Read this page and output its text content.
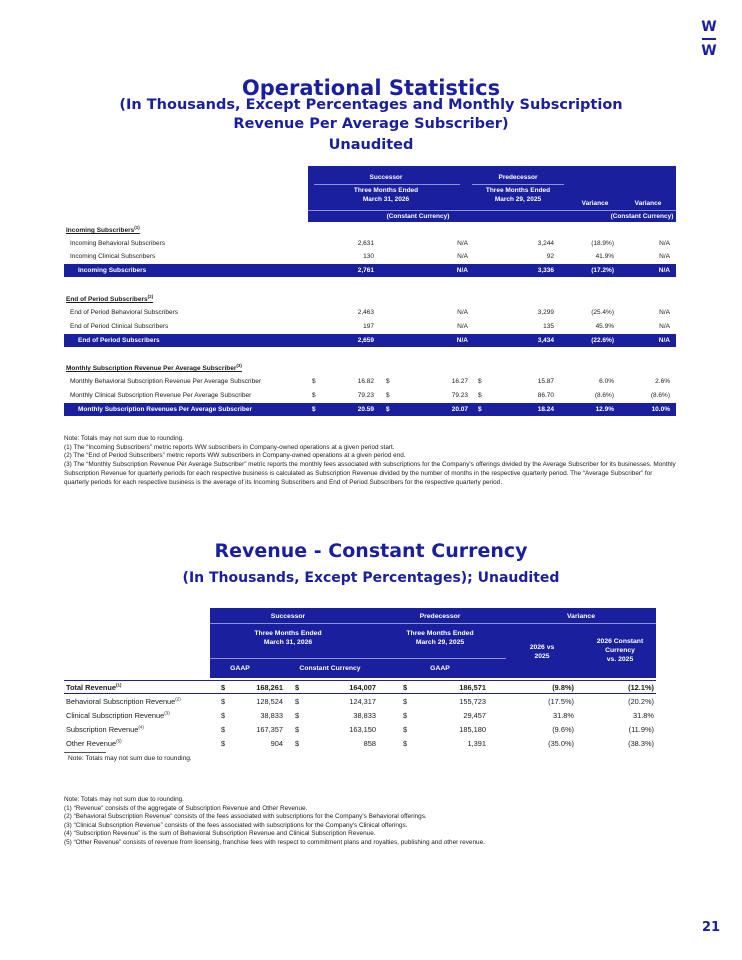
W
W
Operational Statistics
(In Thousands, Except Percentages and Monthly Subscription Revenue Per Average Subscriber)
Unaudited
Successor	Predecessor
Three Months Ended
March 31, 2026
Three Months Ended
March 29, 2025
Variance	Variance
(Constant Currency)	(Constant Currency)
Incoming Subscribers$^{(1)}$
Incoming Behavioral Subscribers	2,631	N/A	3,244	(18.9%)	N/A
Incoming Clinical Subscribers	130	N/A	92	41.9%	N/A
Incoming Subscribers	2,761	N/A	3,336	(17.2%)	N/A
End of Period Subscribers$^{(2)}$
End of Period Behavioral Subscribers	2,463	N/A	3,299	(25.4%)	N/A
End of Period Clinical Subscribers	197	N/A	135	45.9%	N/A
End of Period Subscribers	2,659	N/A	3,434	(22.6%)	N/A
Monthly Subscription Revenue Per Average Subscriber$^{(3)}$
Monthly Behavioral Subscription Revenue Per Average Subscriber	$	16.82 $	16.27 $	15.87	6.0%	2.6%
Monthly Clinical Subscription Revenue Per Average Subscriber	$	79.23 $	79.23 $	86.70	(8.6%)	(8.6%)
Monthly Subscription Revenues Per Average Subscriber	$	20.59 $	20.07 $	18.24	12.9%	10.0%
Note: Totals may not sum due to rounding.
(1) The “Incoming Subscribers” metric reports WW subscribers in Company-owned operations at a given period start.
(2) The “End of Period Subscribers” metric reports WW subscribers in Company-owned operations at a given period end.
(3) The “Monthly Subscription Revenue Per Average Subscriber” metric reports the monthly fees associated with subscriptions for the Company's offerings divided by the Average Subscriber for its businesses. Monthly Subscription Revenue for quarterly periods for each respective business is calculated as Subscription Revenue divided by the number of months in the respective quarterly period. The “Average Subscriber” for quarterly periods for each respective business is the average of its Incoming Subscribers and End of Period Subscribers for the respective quarterly period.
Revenue - Constant Currency
(In Thousands, Except Percentages); Unaudited
Successor	Predecessor	Variance
Three Months Ended
March 31, 2026
Three Months Ended
March 29, 2025
2026 vs
2025
2026 Constant
Currency
vs. 2025
GAAP	Constant Currency	GAAP
Total Revenue$^{(1)}$	$	168,261 $	164,007	$	186,571	(9.8%)	(12.1%)
Behavioral Subscription Revenue$^{(2)}$	$	128,524 $	124,317	$	155,723	(17.5%)	(20.2%)
Clinical Subscription Revenue$^{(3)}$	$	38,833 $	38,833	$	29,457	31.8%	31.8%
Subscription Revenue$^{(4)}$	$	167,357 $	163,150	$	185,180	(9.6%)	(11.9%)
Other Revenue$^{(5)}$	$	904 $	858	$	1,391	(35.0%)	(38.3%)
Note: Totals may not sum due to rounding.
Note: Totals may not sum due to rounding.
(1) “Revenue” consists of the aggregate of Subscription Revenue and Other Revenue.
(2) “Behavioral Subscription Revenue” consists of the fees associated with subscriptions for the Company's Behavioral offerings.
(3) “Clinical Subscription Revenue” consists of the fees associated with subscriptions for the Company's Clinical offerings.
(4) “Subscription Revenue” is the sum of Behavioral Subscription Revenue and Clinical Subscription Revenue.
(5) “Other Revenue” consists of revenue from licensing, franchise fees with respect to commitment plans and royalties, publishing and other revenue.
21
